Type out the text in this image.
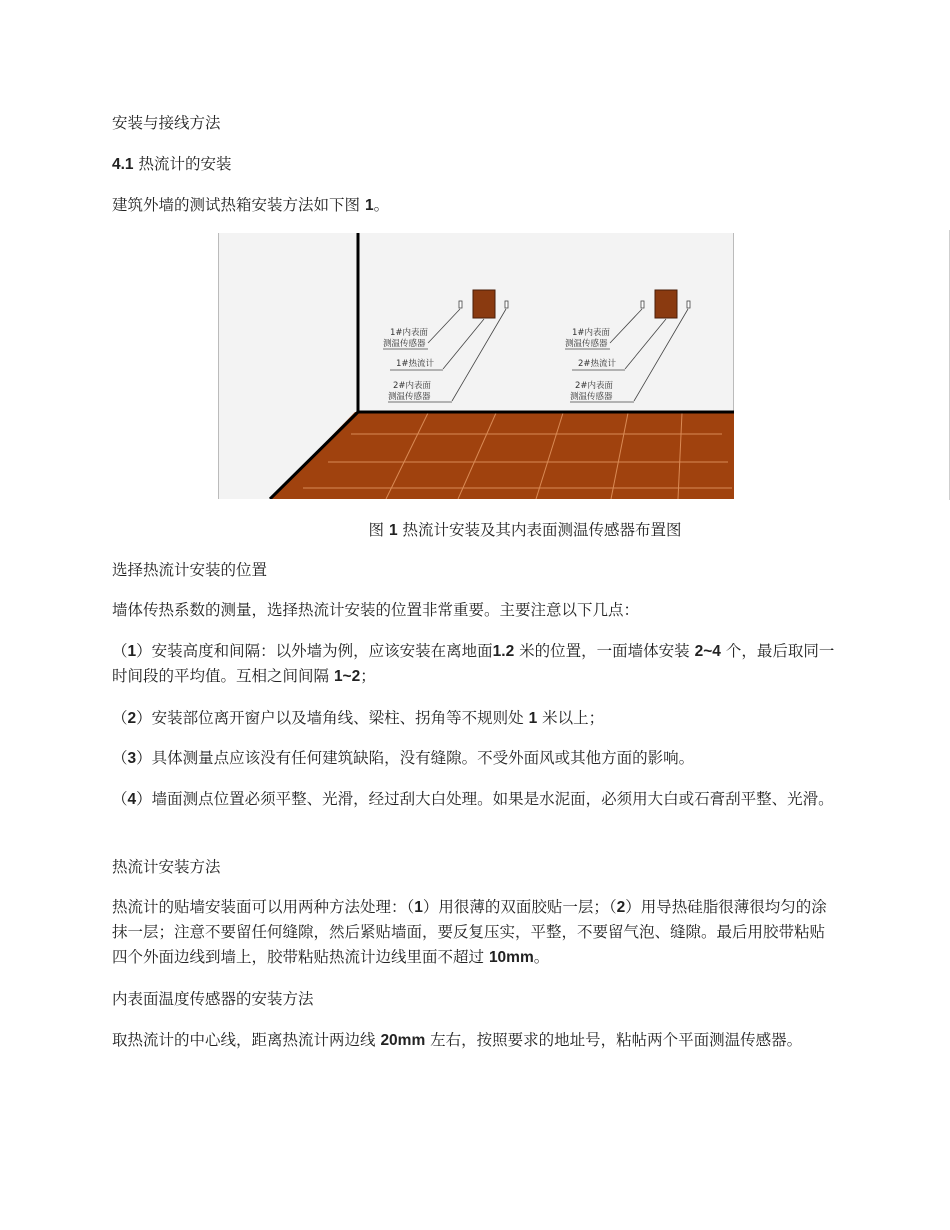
安装与接线方法

4.1 热流计的安装

建筑外墙的测试热箱安装方法如下图 1。

1#内表面
测温传感器
1#热流计
2#内表面
测温传感器
1#内表面
测温传感器
2#热流计
2#内表面
测温传感器
图 1 热流计安装及其内表面测温传感器布置图

选择热流计安装的位置

墙体传热系数的测量，选择热流计安装的位置非常重要。主要注意以下几点：

（1）安装高度和间隔：以外墙为例，应该安装在离地面1.2 米的位置，一面墙体安装 2~4 个，最后取同一时间段的平均值。互相之间间隔 1~2；

（2）安装部位离开窗户以及墙角线、梁柱、拐角等不规则处 1 米以上；

（3）具体测量点应该没有任何建筑缺陷，没有缝隙。不受外面风或其他方面的影响。

（4）墙面测点位置必须平整、光滑，经过刮大白处理。如果是水泥面，必须用大白或石膏刮平整、光滑。

热流计安装方法

热流计的贴墙安装面可以用两种方法处理：（1）用很薄的双面胶贴一层；（2）用导热硅脂很薄很均匀的涂抹一层；注意不要留任何缝隙，然后紧贴墙面，要反复压实，平整，不要留气泡、缝隙。最后用胶带粘贴四个外面边线到墙上，胶带粘贴热流计边线里面不超过 10mm。

内表面温度传感器的安装方法

取热流计的中心线，距离热流计两边线 20mm 左右，按照要求的地址号，粘帖两个平面测温传感器。
